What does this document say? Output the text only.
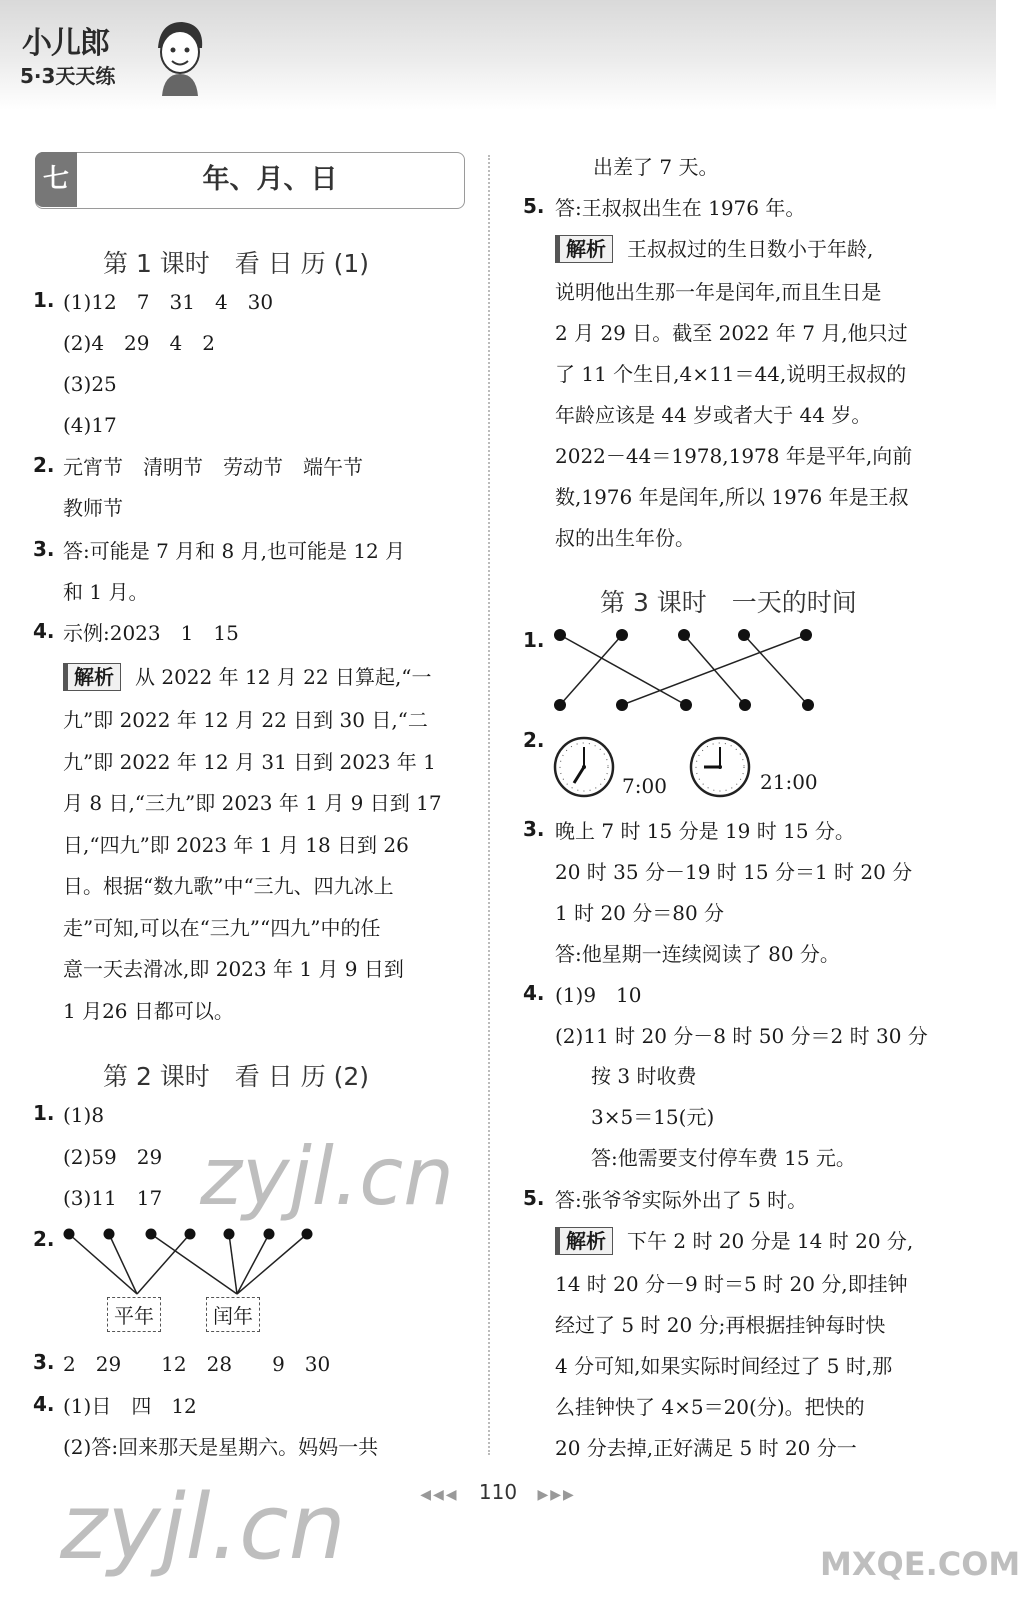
小儿郎
5·3天天练
七	年、月、日
第 1 课时　看 日 历 (1)
1. (1)12　7　31　4　30
(2)4　29　4　2
(3)25
(4)17
2. 元宵节　清明节　劳动节　端午节
教师节
3. 答:可能是 7 月和 8 月,也可能是 12 月
和 1 月。
4. 示例:2023　1　15
解析 从 2022 年 12 月 22 日算起,“一
九”即 2022 年 12 月 22 日到 30 日,“二
九”即 2022 年 12 月 31 日到 2023 年 1
月 8 日,“三九”即 2023 年 1 月 9 日到 17
日,“四九”即 2023 年 1 月 18 日到 26
日。根据“数九歌”中“三九、四九冰上
走”可知,可以在“三九”“四九”中的任
意一天去滑冰,即 2023 年 1 月 9 日到
1 月26 日都可以。
第 2 课时　看 日 历 (2)
1. (1)8
(2)59　29
(3)11　17
2.
平年	闰年
3. 2　29　　12　28　　9　30
4. (1)日　四　12
(2)答:回来那天是星期六。妈妈一共
出差了 7 天。
5. 答:王叔叔出生在 1976 年。
解析 王叔叔过的生日数小于年龄,
说明他出生那一年是闰年,而且生日是
2 月 29 日。截至 2022 年 7 月,他只过
了 11 个生日,4×11＝44,说明王叔叔的
年龄应该是 44 岁或者大于 44 岁。
2022－44＝1978,1978 年是平年,向前
数,1976 年是闰年,所以 1976 年是王叔
叔的出生年份。
第 3 课时　一天的时间
1.
2.
7:00	21:00
3. 晚上 7 时 15 分是 19 时 15 分。
20 时 35 分－19 时 15 分＝1 时 20 分
1 时 20 分＝80 分
答:他星期一连续阅读了 80 分。
4. (1)9　10
(2)11 时 20 分－8 时 50 分＝2 时 30 分
按 3 时收费
3×5＝15(元)
答:他需要支付停车费 15 元。
5. 答:张爷爷实际外出了 5 时。
解析 下午 2 时 20 分是 14 时 20 分,
14 时 20 分－9 时＝5 时 20 分,即挂钟
经过了 5 时 20 分;再根据挂钟每时快
4 分可知,如果实际时间经过了 5 时,那
么挂钟快了 4×5＝20(分)。把快的
20 分去掉,正好满足 5 时 20 分一
◀◀◀ 110 ▶▶▶
zyjl.cn
zyjl.cn	MXQE.COM
